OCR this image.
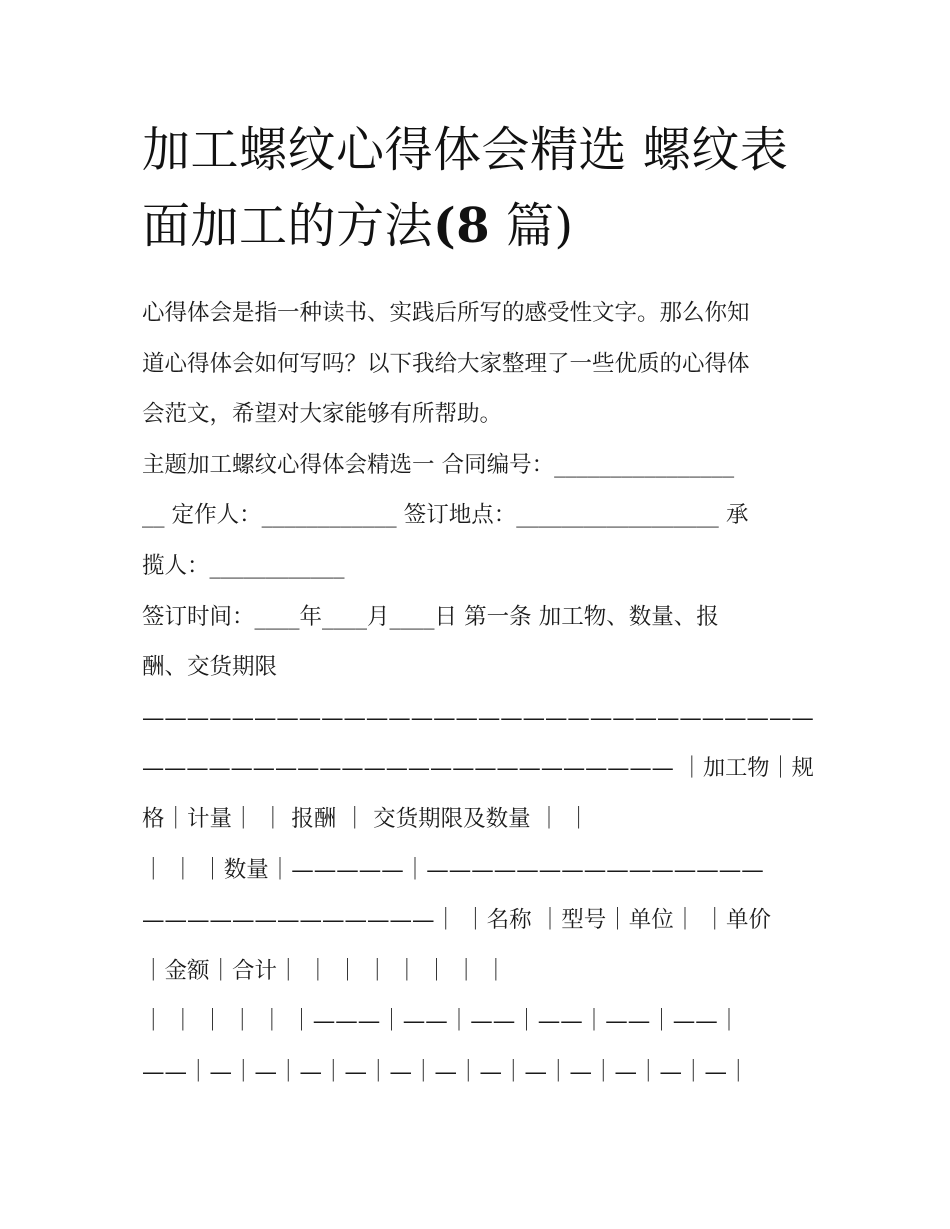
加工螺纹心得体会精选 螺纹表
面加工的方法(8 篇)
心得体会是指一种读书、实践后所写的感受性文字。那么你知
道心得体会如何写吗？以下我给大家整理了一些优质的心得体
会范文，希望对大家能够有所帮助。
主题加工螺纹心得体会精选一 合同编号：________________
__ 定作人：____________ 签订地点：__________________ 承
揽人：____________
签订时间：____年____月____日 第一条 加工物、数量、报
酬、交货期限
——————————————————————————————
———————————————————————— ｜加工物｜规
格｜计量｜ ｜ 报酬 ｜ 交货期限及数量 ｜ ｜
｜ ｜ ｜数量｜—————｜———————————————
—————————————｜ ｜名称 ｜型号｜单位｜ ｜单价
｜金额｜合计｜ ｜ ｜ ｜ ｜ ｜ ｜ ｜
｜ ｜ ｜ ｜ ｜ ｜———｜——｜——｜——｜——｜——｜
——｜—｜—｜—｜—｜—｜—｜—｜—｜—｜—｜—｜—｜
